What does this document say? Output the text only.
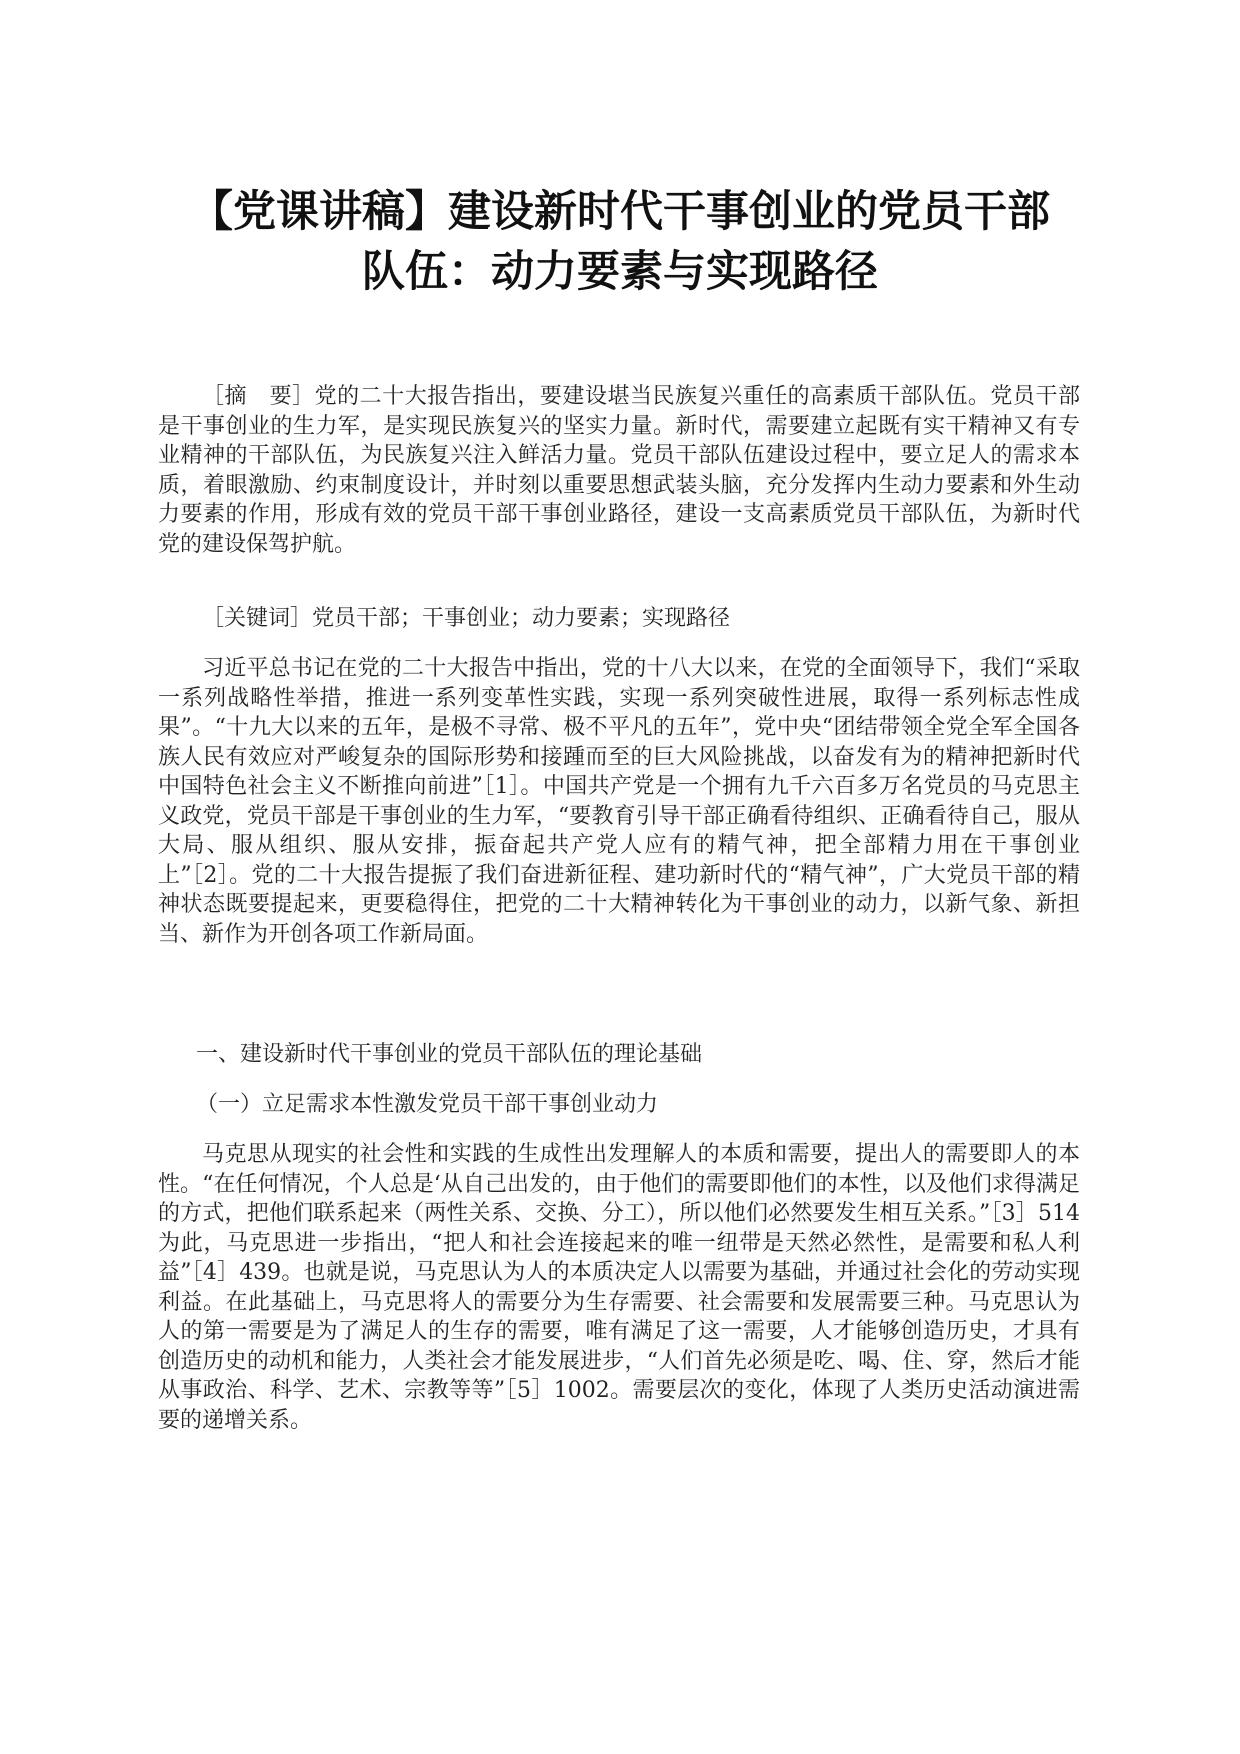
【党课讲稿】建设新时代干事创业的党员干部
队伍：动力要素与实现路径

［摘　要］党的二十大报告指出，要建设堪当民族复兴重任的高素质干部队伍。党员干部是干事创业的生力军，是实现民族复兴的坚实力量。新时代，需要建立起既有实干精神又有专业精神的干部队伍，为民族复兴注入鲜活力量。党员干部队伍建设过程中，要立足人的需求本质，着眼激励、约束制度设计，并时刻以重要思想武装头脑，充分发挥内生动力要素和外生动力要素的作用，形成有效的党员干部干事创业路径，建设一支高素质党员干部队伍，为新时代党的建设保驾护航。

［关键词］党员干部；干事创业；动力要素；实现路径

习近平总书记在党的二十大报告中指出，党的十八大以来，在党的全面领导下，我们“采取一系列战略性举措，推进一系列变革性实践，实现一系列突破性进展，取得一系列标志性成果”。“十九大以来的五年，是极不寻常、极不平凡的五年”，党中央“团结带领全党全军全国各族人民有效应对严峻复杂的国际形势和接踵而至的巨大风险挑战，以奋发有为的精神把新时代中国特色社会主义不断推向前进”［1］。中国共产党是一个拥有九千六百多万名党员的马克思主义政党，党员干部是干事创业的生力军，“要教育引导干部正确看待组织、正确看待自己，服从大局、服从组织、服从安排，振奋起共产党人应有的精气神，把全部精力用在干事创业上”［2］。党的二十大报告提振了我们奋进新征程、建功新时代的“精气神”，广大党员干部的精神状态既要提起来，更要稳得住，把党的二十大精神转化为干事创业的动力，以新气象、新担当、新作为开创各项工作新局面。

一、建设新时代干事创业的党员干部队伍的理论基础

（一）立足需求本性激发党员干部干事创业动力

马克思从现实的社会性和实践的生成性出发理解人的本质和需要，提出人的需要即人的本性。“在任何情况，个人总是‘从自己出发的，由于他们的需要即他们的本性，以及他们求得满足的方式，把他们联系起来（两性关系、交换、分工），所以他们必然要发生相互关系。”［3］514 为此，马克思进一步指出，“把人和社会连接起来的唯一纽带是天然必然性，是需要和私人利益”［4］439。也就是说，马克思认为人的本质决定人以需要为基础，并通过社会化的劳动实现利益。在此基础上，马克思将人的需要分为生存需要、社会需要和发展需要三种。马克思认为人的第一需要是为了满足人的生存的需要，唯有满足了这一需要，人才能够创造历史，才具有创造历史的动机和能力，人类社会才能发展进步，“人们首先必须是吃、喝、住、穿，然后才能从事政治、科学、艺术、宗教等等”［5］1002。需要层次的变化，体现了人类历史活动演进需要的递增关系。
